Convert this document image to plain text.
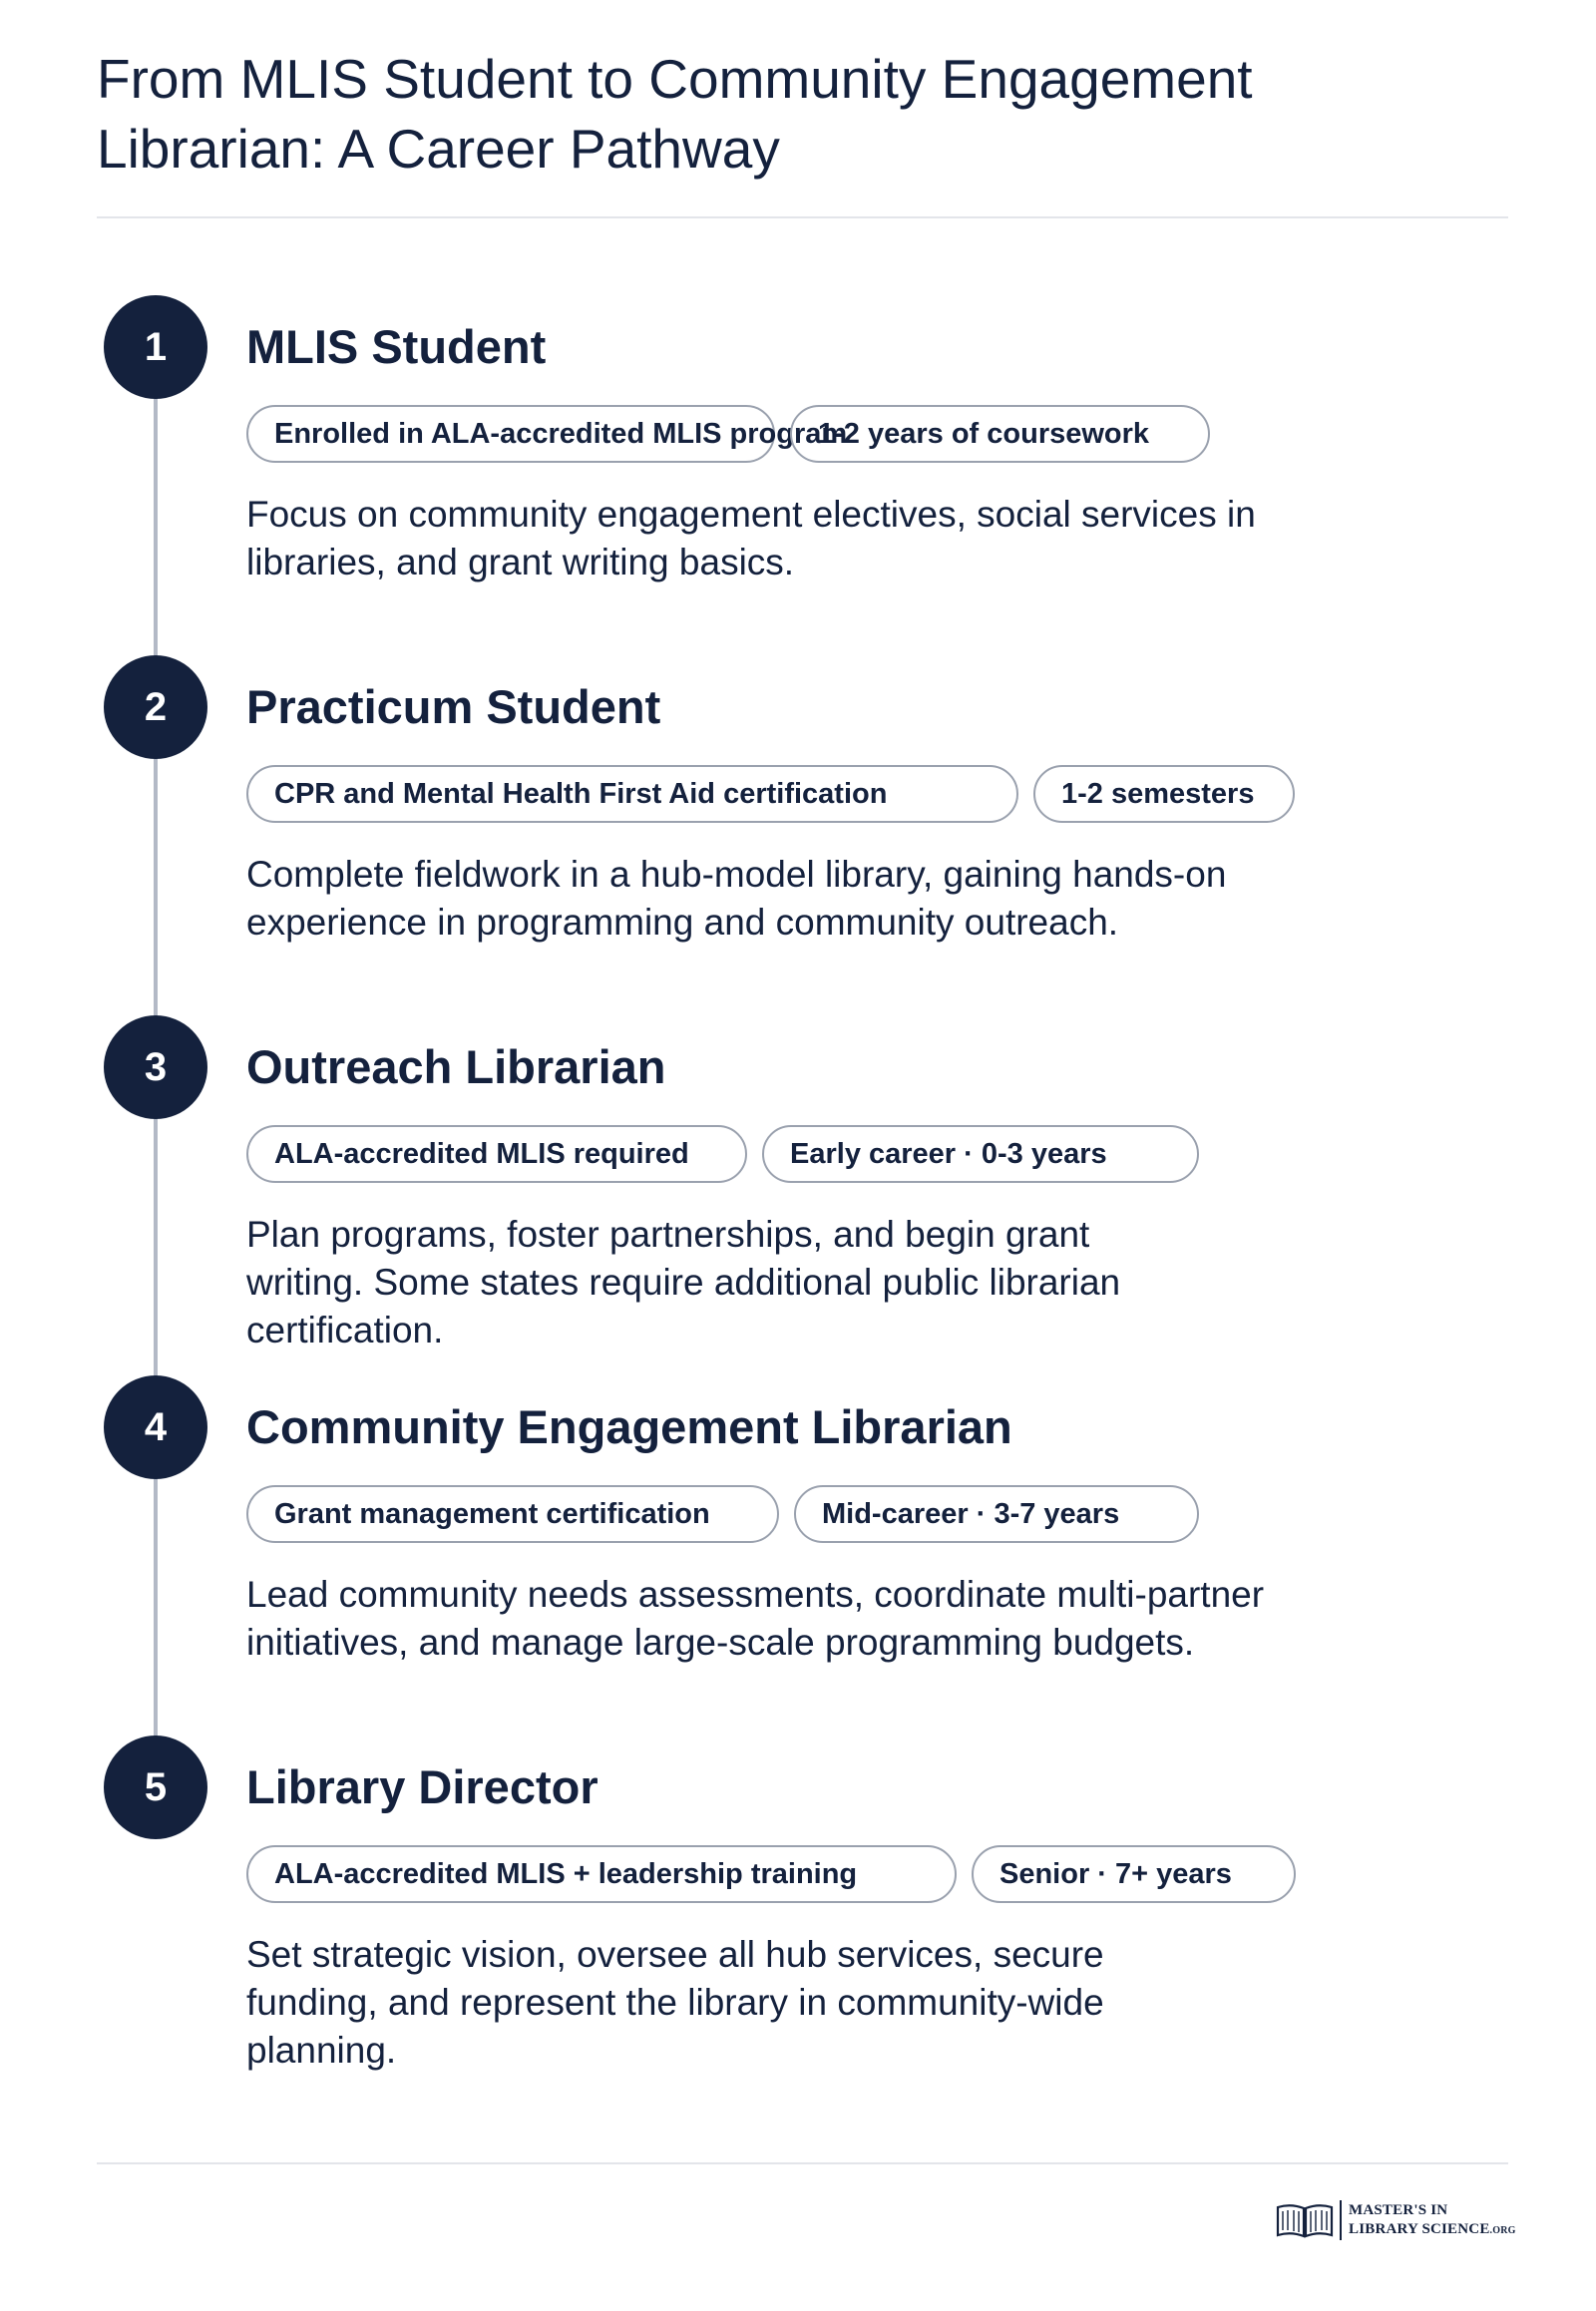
From MLIS Student to Community Engagement Librarian: A Career Pathway
1	MLIS Student
Enrolled in ALA-accredited MLIS program
1-2 years of coursework

Focus on community engagement electives, social services in libraries, and grant writing basics.

2	Practicum Student
CPR and Mental Health First Aid certification	1-2 semesters

Complete fieldwork in a hub-model library, gaining hands-on experience in programming and community outreach.

3	Outreach Librarian
ALA-accredited MLIS required	Early career · 0-3 years

Plan programs, foster partnerships, and begin grant writing. Some states require additional public librarian certification.

4	Community Engagement Librarian
Grant management certification	Mid-career · 3-7 years

Lead community needs assessments, coordinate multi-partner initiatives, and manage large-scale programming budgets.

5	Library Director
ALA-accredited MLIS + leadership training	Senior · 7+ years

Set strategic vision, oversee all hub services, secure funding, and represent the library in community-wide planning.

MASTER'S IN
LIBRARY SCIENCE.ORG
